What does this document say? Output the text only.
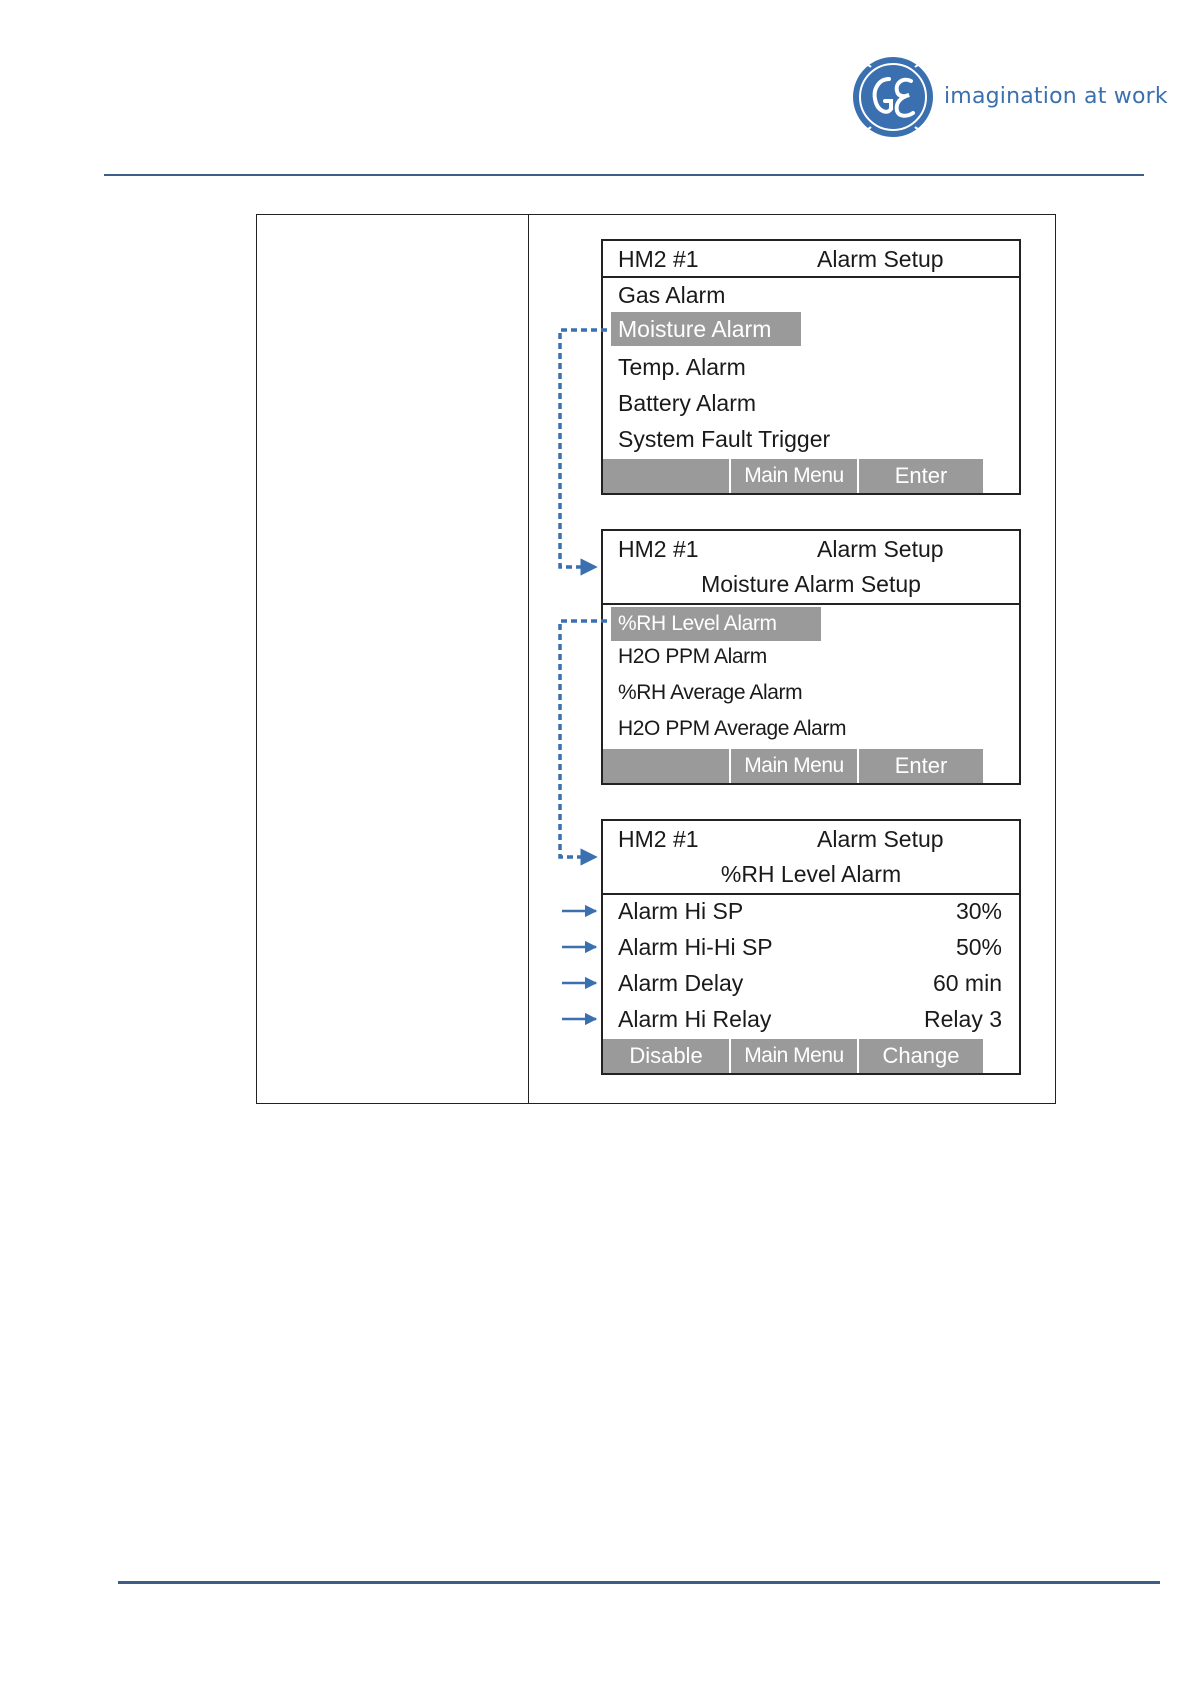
imagination at work
HM2 #1	Alarm Setup
Gas Alarm
Moisture Alarm
Temp. Alarm
Battery Alarm
System Fault Trigger
Main Menu	Enter
HM2 #1	Alarm Setup
Moisture Alarm Setup
%RH Level Alarm
H2O PPM Alarm
%RH Average Alarm
H2O PPM Average Alarm
Main Menu	Enter
HM2 #1	Alarm Setup
%RH Level Alarm
Alarm Hi SP	30%
Alarm Hi-Hi SP	50%
Alarm Delay	60 min
Alarm Hi Relay	Relay 3
Disable	Main Menu	Change
